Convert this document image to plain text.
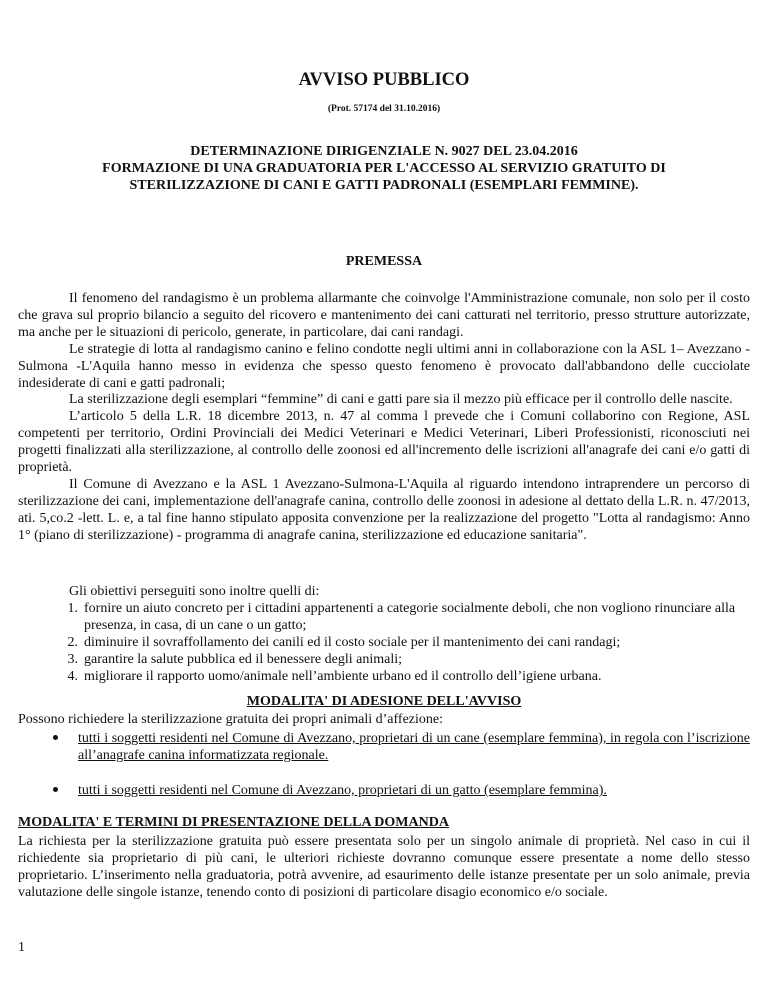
AVVISO PUBBLICO
(Prot. 57174 del 31.10.2016)
DETERMINAZIONE DIRIGENZIALE N. 9027 DEL 23.04.2016
FORMAZIONE DI UNA GRADUATORIA PER L'ACCESSO AL SERVIZIO GRATUITO DI
STERILIZZAZIONE DI CANI E GATTI PADRONALI (ESEMPLARI FEMMINE).
PREMESSA

Il fenomeno del randagismo è un problema allarmante che coinvolge l'Amministrazione comunale, non solo per il costo che grava sul proprio bilancio a seguito del ricovero e mantenimento dei cani catturati nel territorio, presso strutture autorizzate, ma anche per le situazioni di pericolo, generate, in particolare, dai cani randagi.

Le strategie di lotta al randagismo canino e felino condotte negli ultimi anni in collaborazione con la ASL 1– Avezzano -Sulmona -L'Aquila hanno messo in evidenza che spesso questo fenomeno è provocato dall'abbandono delle cucciolate indesiderate di cani e gatti padronali;

La sterilizzazione degli esemplari “femmine” di cani e gatti pare sia il mezzo più efficace per il controllo delle nascite.

L’articolo 5 della L.R. 18 dicembre 2013, n. 47 al comma l prevede che i Comuni collaborino con Regione, ASL competenti per territorio, Ordini Provinciali dei Medici Veterinari e Medici Veterinari, Liberi Professionisti, riconosciuti nei progetti finalizzati alla sterilizzazione, al controllo delle zoonosi ed all'incremento delle iscrizioni all'anagrafe dei cani e/o gatti di proprietà.

Il Comune di Avezzano e la ASL 1 Avezzano-Sulmona-L'Aquila al riguardo intendono intraprendere un percorso di sterilizzazione dei cani, implementazione dell'anagrafe canina, controllo delle zoonosi in adesione al dettato della L.R. n. 47/2013, ati. 5,co.2 -lett. L. e, a tal fine hanno stipulato apposita convenzione per la realizzazione del progetto "Lotta al randagismo: Anno 1° (piano di sterilizzazione) - programma di anagrafe canina, sterilizzazione ed educazione sanitaria".

Gli obiettivi perseguiti sono inoltre quelli di:

1. fornire un aiuto concreto per i cittadini appartenenti a categorie socialmente deboli, che non vogliono rinunciare alla presenza, in casa, di un cane o un gatto;
2. diminuire il sovraffollamento dei canili ed il costo sociale per il mantenimento dei cani randagi;
3. garantire la salute pubblica ed il benessere degli animali;
4. migliorare il rapporto uomo/animale nell’ambiente urbano ed il controllo dell’igiene urbana.
MODALITA' DI ADESIONE DELL'AVVISO
Possono richiedere la sterilizzazione gratuita dei propri animali d’affezione:
tutti i soggetti residenti nel Comune di Avezzano, proprietari di un cane (esemplare femmina), in regola con l’iscrizione all’anagrafe canina informatizzata regionale.
tutti i soggetti residenti nel Comune di Avezzano, proprietari di un gatto (esemplare femmina).
MODALITA' E TERMINI DI PRESENTAZIONE DELLA DOMANDA

La richiesta per la sterilizzazione gratuita può essere presentata solo per un singolo animale di proprietà. Nel caso in cui il richiedente sia proprietario di più cani, le ulteriori richieste dovranno comunque essere presentate a nome dello stesso proprietario. L’inserimento nella graduatoria, potrà avvenire, ad esaurimento delle istanze presentate per un solo animale, previa valutazione delle singole istanze, tenendo conto di posizioni di particolare disagio economico e/o sociale.

1
